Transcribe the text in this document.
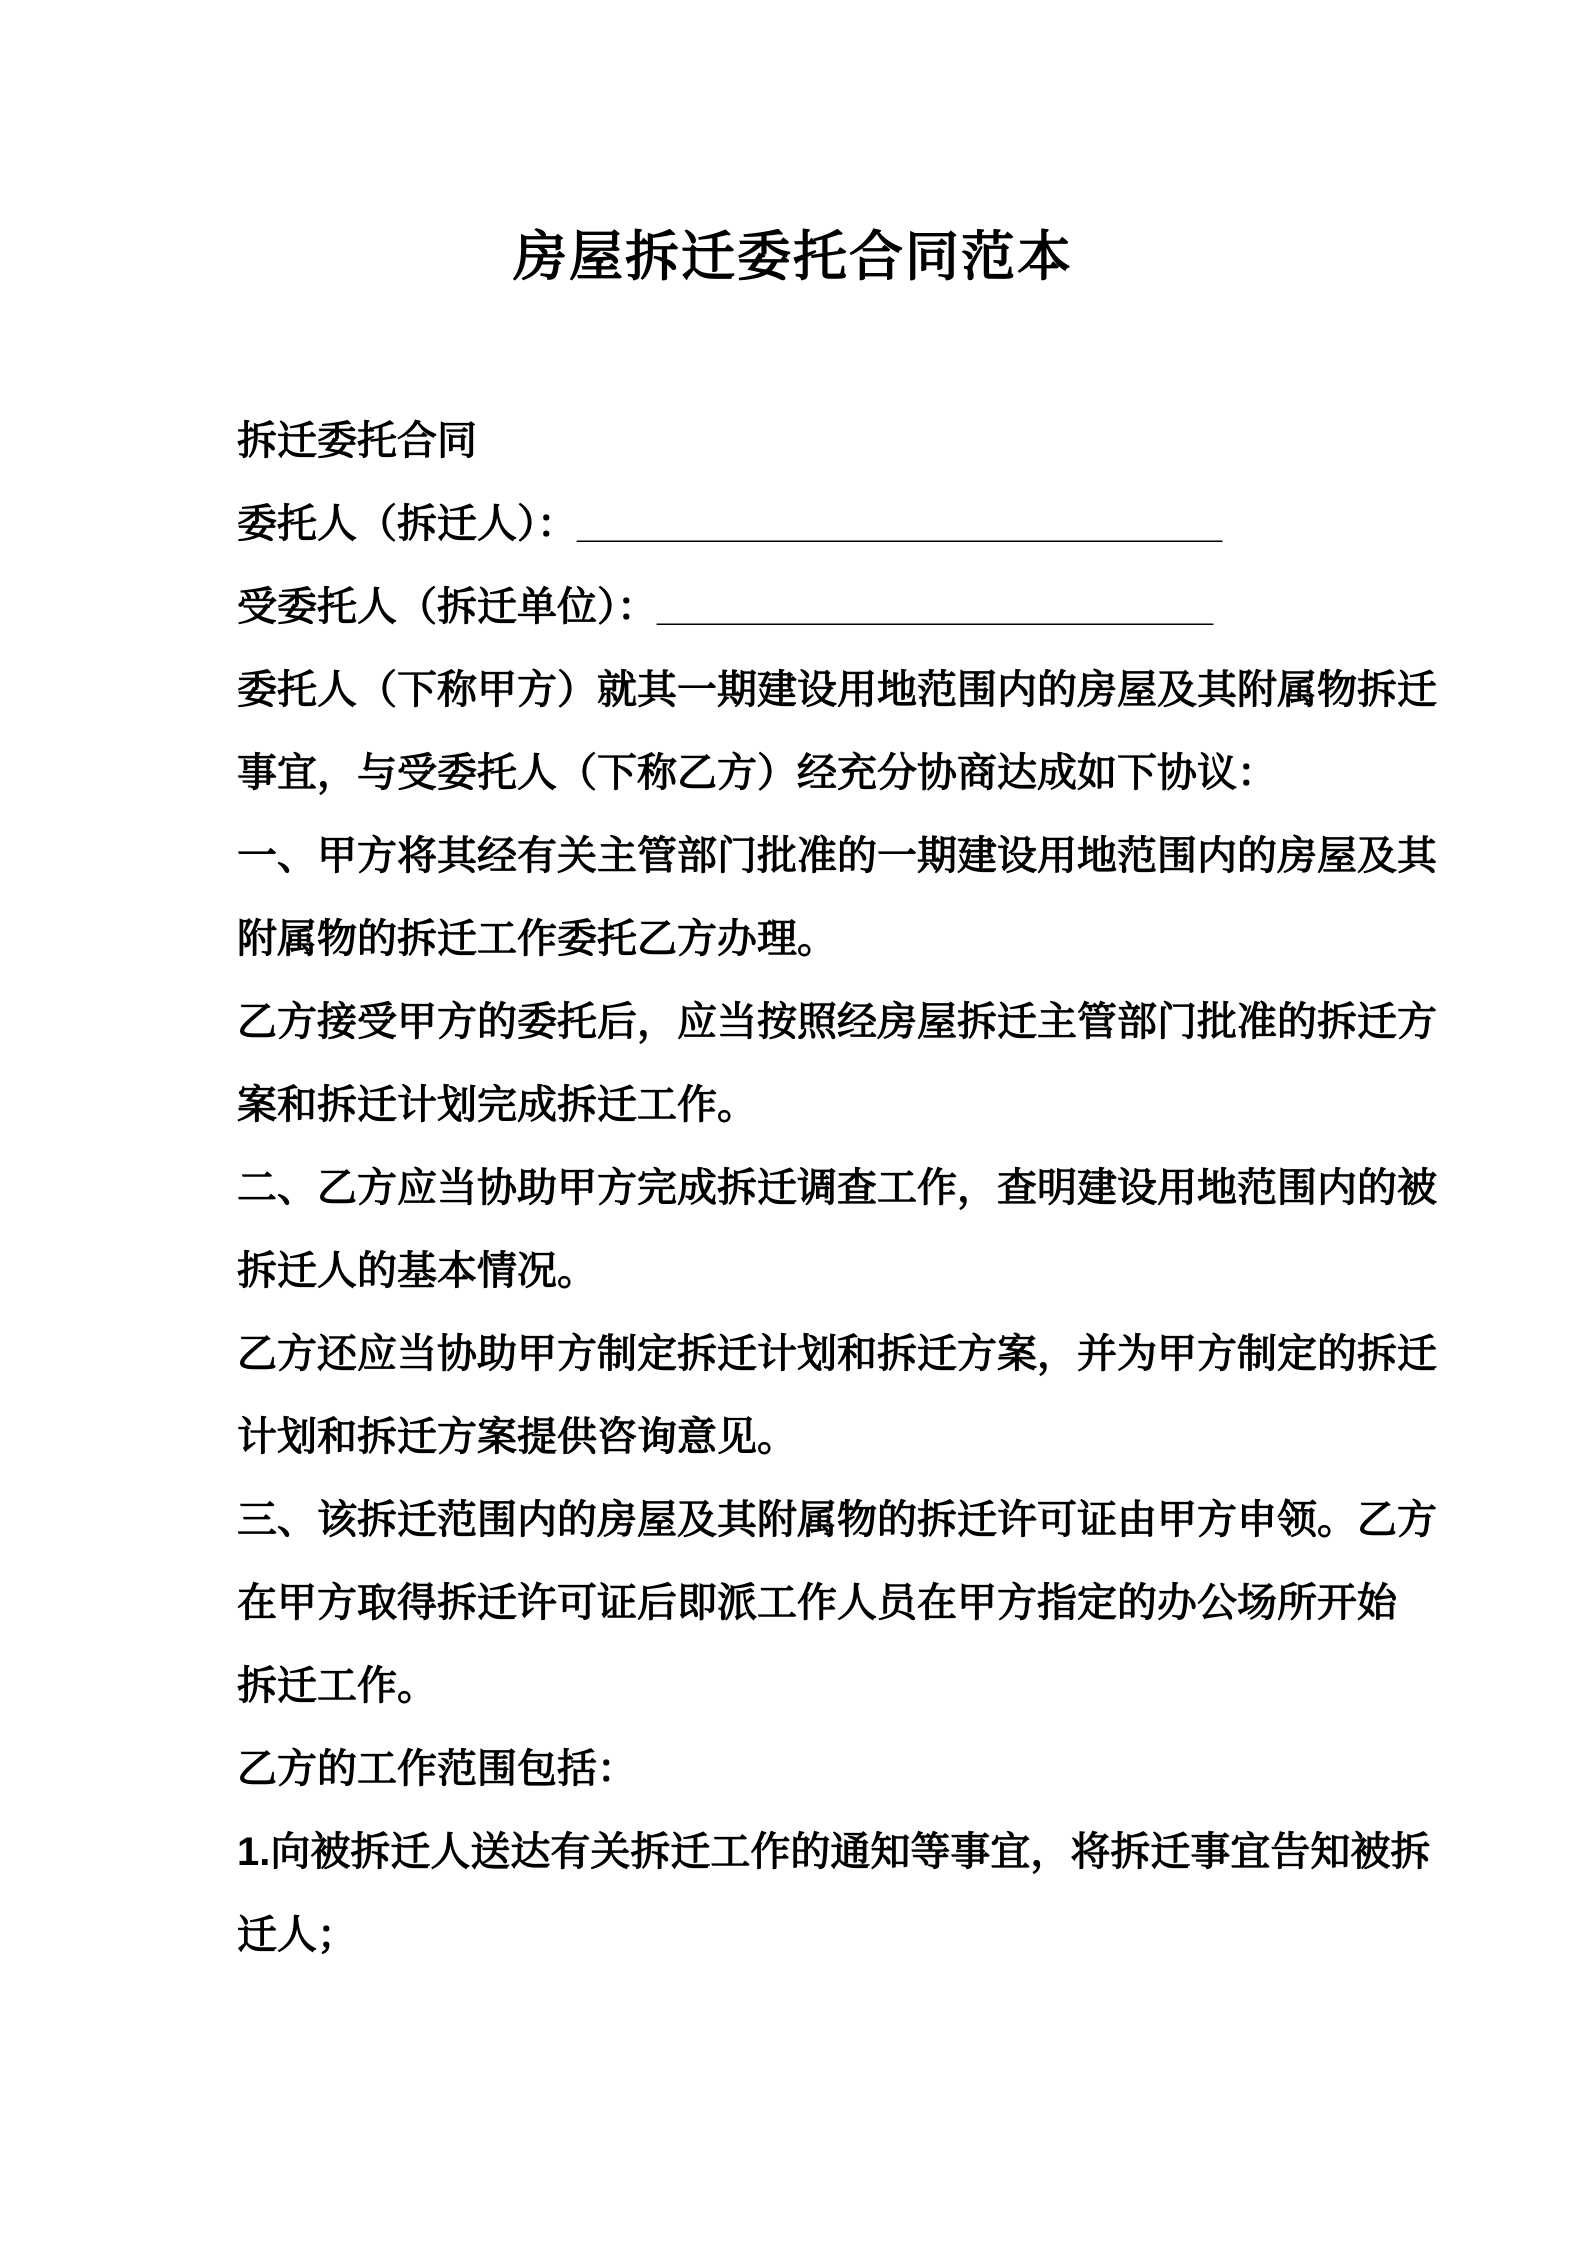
房屋拆迁委托合同范本
拆迁委托合同
委托人（拆迁人）：_____________________________
受委托人（拆迁单位）：_________________________
委托人（下称甲方）就其一期建设用地范围内的房屋及其附属物拆迁
事宜，与受委托人（下称乙方）经充分协商达成如下协议：
一、甲方将其经有关主管部门批准的一期建设用地范围内的房屋及其
附属物的拆迁工作委托乙方办理。
乙方接受甲方的委托后，应当按照经房屋拆迁主管部门批准的拆迁方
案和拆迁计划完成拆迁工作。
二、乙方应当协助甲方完成拆迁调查工作，查明建设用地范围内的被
拆迁人的基本情况。
乙方还应当协助甲方制定拆迁计划和拆迁方案，并为甲方制定的拆迁
计划和拆迁方案提供咨询意见。
三、该拆迁范围内的房屋及其附属物的拆迁许可证由甲方申领。乙方
在甲方取得拆迁许可证后即派工作人员在甲方指定的办公场所开始
拆迁工作。
乙方的工作范围包括：
1.向被拆迁人送达有关拆迁工作的通知等事宜，将拆迁事宜告知被拆
迁人；
